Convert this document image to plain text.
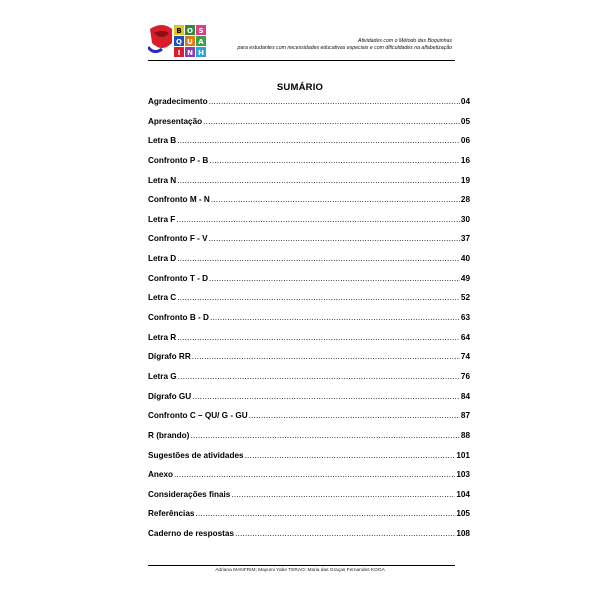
B O
Q U
I N H
A
S
Atividades com o Método das Boquinhas
para estudantes com necessidades educativas especiais e com dificuldades na alfabetização
SUMÁRIO
Agradecimento .....	04
Apresentação .....	05
Letra B .....	06
Confronto P - B .....	16
Letra N .....	19
Confronto M - N .....	28
Letra F .....	30
Confronto F - V .....	37
Letra D .....	40
Confronto T - D .....	49
Letra C .....	52
Confronto B - D .....	63
Letra R .....	64
Dígrafo RR .....	74
Letra G .....	76
Dígrafo GU .....	84
Confronto C – QU/ G - GU .....	87
R (brando) .....	88
Sugestões de atividades .....	101
Anexo .....	103
Considerações finais .....	104
Referências .....	105
Caderno de respostas .....	108
Adriana MANFRIM; Mayumi Yabe TERAO; Maria das Graças Fernandes KOGA
